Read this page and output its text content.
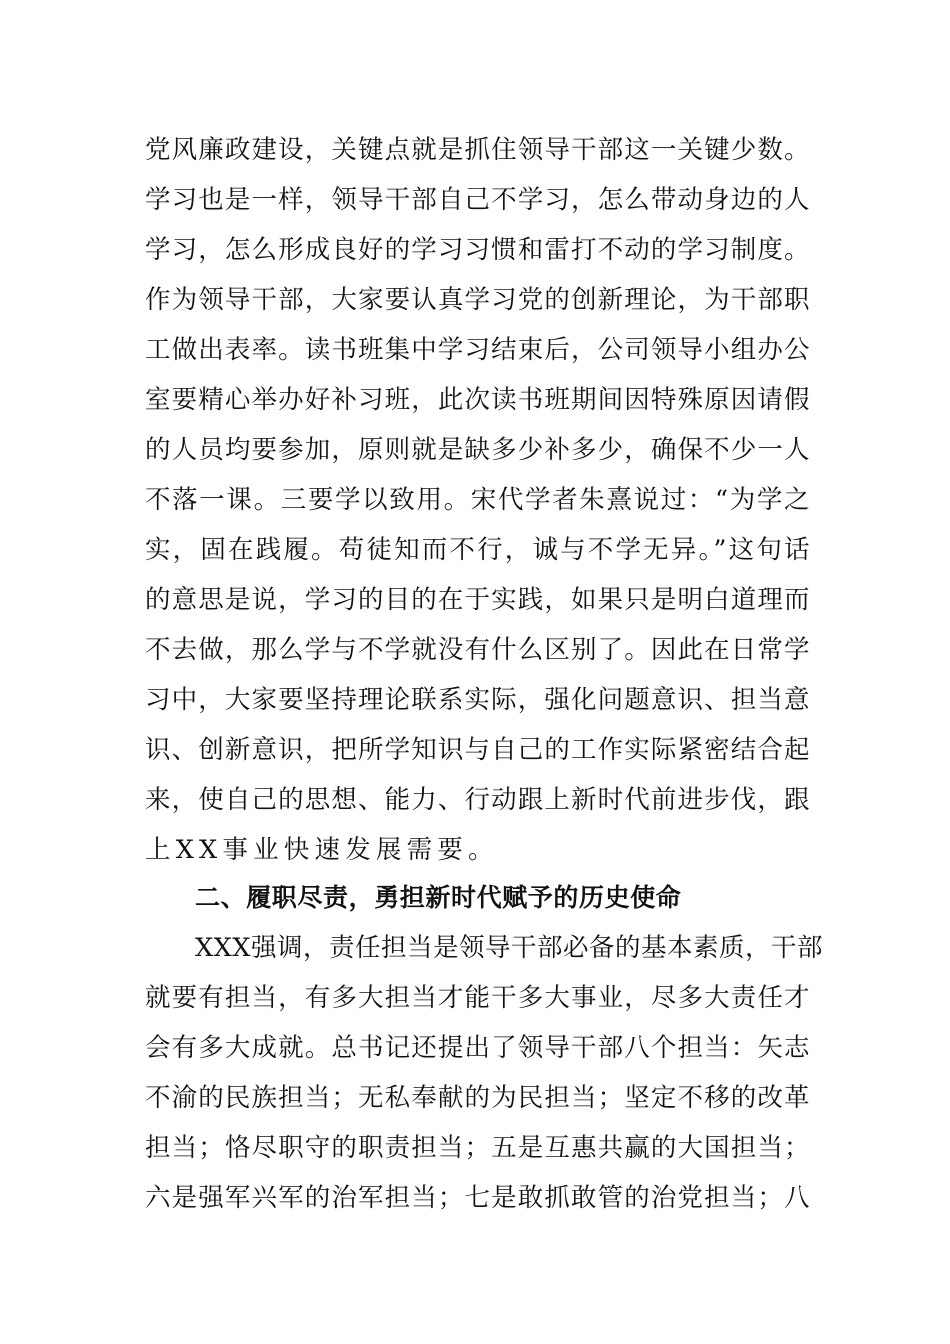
党风廉政建设，关键点就是抓住领导干部这一关键少数。
学习也是一样，领导干部自己不学习，怎么带动身边的人
学习，怎么形成良好的学习习惯和雷打不动的学习制度。
作为领导干部，大家要认真学习党的创新理论，为干部职
工做出表率。读书班集中学习结束后，公司领导小组办公
室要精心举办好补习班，此次读书班期间因特殊原因请假
的人员均要参加，原则就是缺多少补多少，确保不少一人
不落一课。三要学以致用。宋代学者朱熹说过：“为学之
实，固在践履。苟徒知而不行，诚与不学无异。”这句话
的意思是说，学习的目的在于实践，如果只是明白道理而
不去做，那么学与不学就没有什么区别了。因此在日常学
习中，大家要坚持理论联系实际，强化问题意识、担当意
识、创新意识，把所学知识与自己的工作实际紧密结合起
来，使自己的思想、能力、行动跟上新时代前进步伐，跟
上XX事业快速发展需要。
二、履职尽责，勇担新时代赋予的历史使命
XXX强调，责任担当是领导干部必备的基本素质，干部
就要有担当，有多大担当才能干多大事业，尽多大责任才
会有多大成就。总书记还提出了领导干部八个担当：矢志
不渝的民族担当；无私奉献的为民担当；坚定不移的改革
担当；恪尽职守的职责担当；五是互惠共赢的大国担当；
六是强军兴军的治军担当；七是敢抓敢管的治党担当；八
